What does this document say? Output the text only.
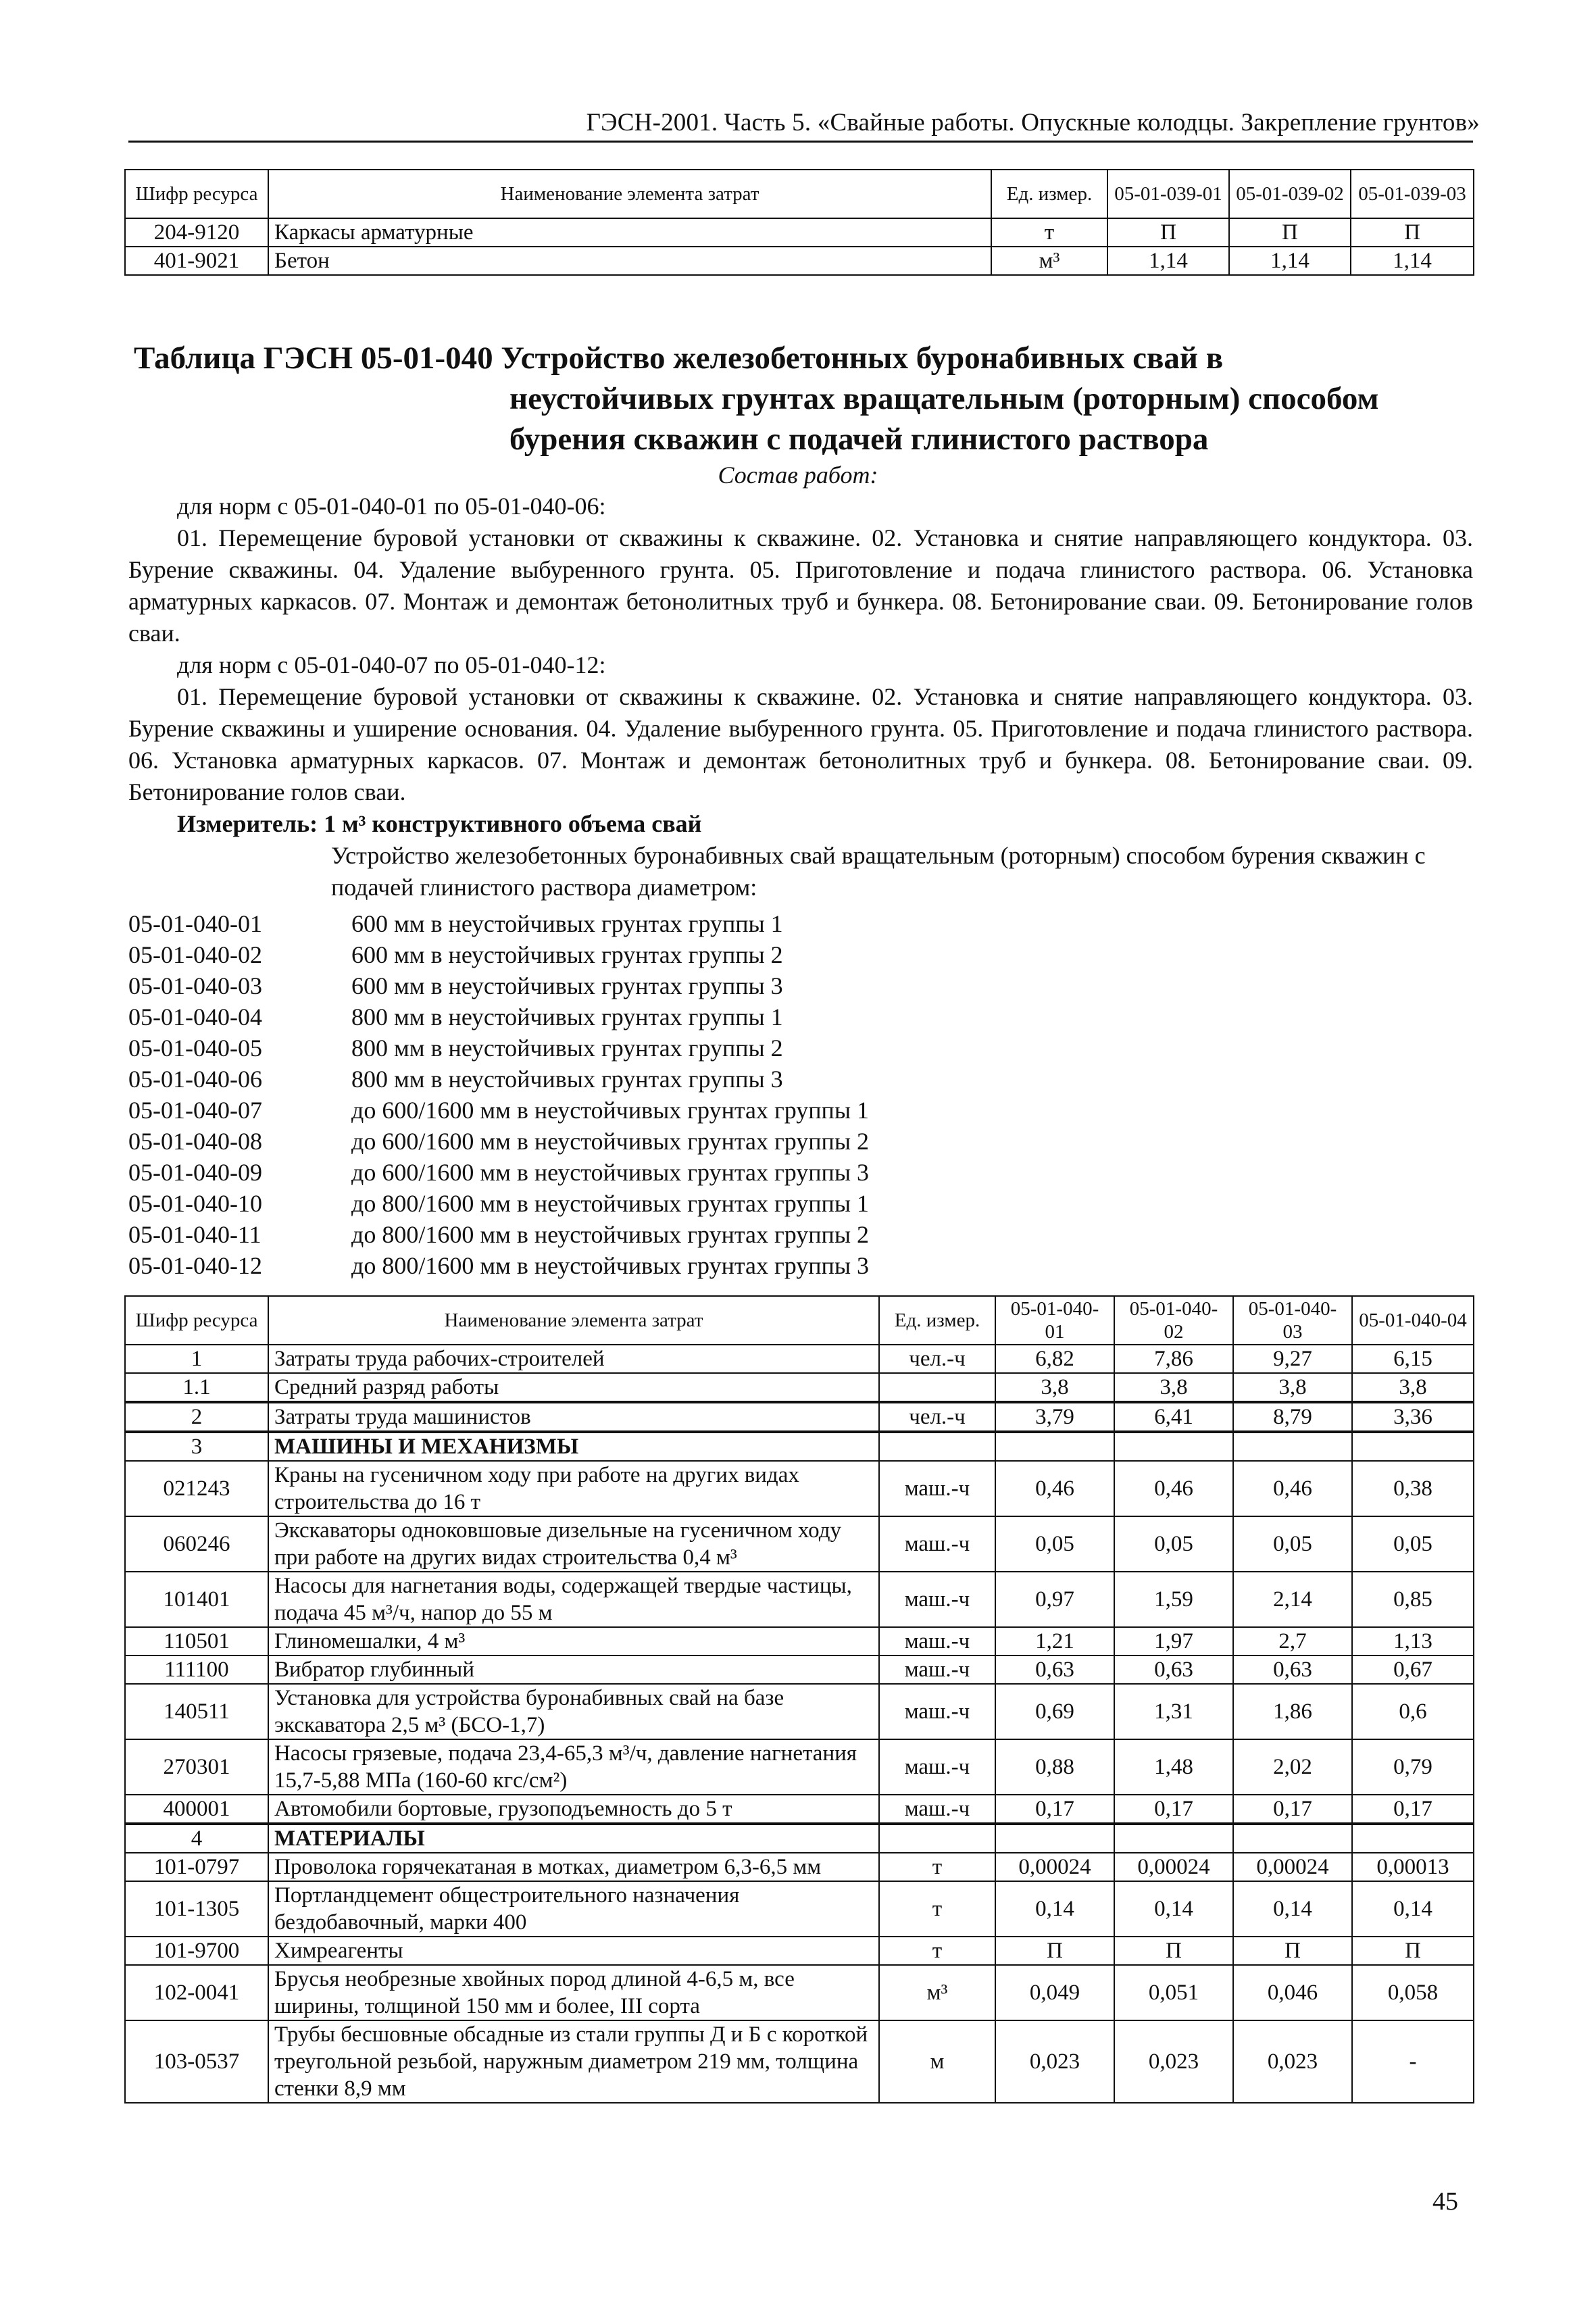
ГЭСН-2001. Часть 5. «Свайные работы. Опускные колодцы. Закрепление грунтов»
Шифр ресурса	Наименование элемента затрат	Ед. измер.	05-01-039-01	05-01-039-02	05-01-039-03
204-9120	Каркасы арматурные	т	П	П	П
401-9021	Бетон	м³	1,14	1,14	1,14
Таблица ГЭСН 05-01-040 Устройство железобетонных буронабивных свай в
неустойчивых грунтах вращательным (роторным) способом
бурения скважин с подачей глинистого раствора
Состав работ:
для норм с 05-01-040-01 по 05-01-040-06:

01. Перемещение буровой установки от скважины к скважине. 02. Установка и снятие направляющего кондуктора. 03. Бурение скважины. 04. Удаление выбуренного грунта. 05. Приготовление и подача глинистого раствора. 06. Установка арматурных каркасов. 07. Монтаж и демонтаж бетонолитных труб и бункера. 08. Бетонирование сваи. 09. Бетонирование голов сваи.

для норм с 05-01-040-07 по 05-01-040-12:

01. Перемещение буровой установки от скважины к скважине. 02. Установка и снятие направляющего кондуктора. 03. Бурение скважины и уширение основания. 04. Удаление выбуренного грунта. 05. Приготовление и подача глинистого раствора. 06. Установка арматурных каркасов. 07. Монтаж и демонтаж бетонолитных труб и бункера. 08. Бетонирование сваи. 09. Бетонирование голов сваи.

Измеритель: 1 м³ конструктивного объема свай
Устройство железобетонных буронабивных свай вращательным (роторным) способом бурения скважин с подачей глинистого раствора диаметром:
05-01-040-01	600 мм в неустойчивых грунтах группы 1
05-01-040-02	600 мм в неустойчивых грунтах группы 2
05-01-040-03	600 мм в неустойчивых грунтах группы 3
05-01-040-04	800 мм в неустойчивых грунтах группы 1
05-01-040-05	800 мм в неустойчивых грунтах группы 2
05-01-040-06	800 мм в неустойчивых грунтах группы 3
05-01-040-07	до 600/1600 мм в неустойчивых грунтах группы 1
05-01-040-08	до 600/1600 мм в неустойчивых грунтах группы 2
05-01-040-09	до 600/1600 мм в неустойчивых грунтах группы 3
05-01-040-10	до 800/1600 мм в неустойчивых грунтах группы 1
05-01-040-11	до 800/1600 мм в неустойчивых грунтах группы 2
05-01-040-12	до 800/1600 мм в неустойчивых грунтах группы 3
Шифр ресурса	Наименование элемента затрат	Ед. измер.	05-01-040-01	05-01-040-02	05-01-040-03	05-01-040-04
1	Затраты труда рабочих-строителей	чел.-ч	6,82	7,86	9,27	6,15
1.1	Средний разряд работы		3,8	3,8	3,8	3,8
2	Затраты труда машинистов	чел.-ч	3,79	6,41	8,79	3,36
3	МАШИНЫ И МЕХАНИЗМЫ					
021243	Краны на гусеничном ходу при работе на других видах строительства до 16 т	маш.-ч	0,46	0,46	0,46	0,38
060246	Экскаваторы одноковшовые дизельные на гусеничном ходу при работе на других видах строительства 0,4 м³	маш.-ч	0,05	0,05	0,05	0,05
101401	Насосы для нагнетания воды, содержащей твердые частицы, подача 45 м³/ч, напор до 55 м	маш.-ч	0,97	1,59	2,14	0,85
110501	Глиномешалки, 4 м³	маш.-ч	1,21	1,97	2,7	1,13
111100	Вибратор глубинный	маш.-ч	0,63	0,63	0,63	0,67
140511	Установка для устройства буронабивных свай на базе экскаватора 2,5 м³ (БСО-1,7)	маш.-ч	0,69	1,31	1,86	0,6
270301	Насосы грязевые, подача 23,4-65,3 м³/ч, давление нагнетания 15,7-5,88 МПа (160-60 кгс/см²)	маш.-ч	0,88	1,48	2,02	0,79
400001	Автомобили бортовые, грузоподъемность до 5 т	маш.-ч	0,17	0,17	0,17	0,17
4	МАТЕРИАЛЫ					
101-0797	Проволока горячекатаная в мотках, диаметром 6,3-6,5 мм	т	0,00024	0,00024	0,00024	0,00013
101-1305	Портландцемент общестроительного назначения бездобавочный, марки 400	т	0,14	0,14	0,14	0,14
101-9700	Химреагенты	т	П	П	П	П
102-0041	Брусья необрезные хвойных пород длиной 4-6,5 м, все ширины, толщиной 150 мм и более, III сорта	м³	0,049	0,051	0,046	0,058
103-0537	Трубы бесшовные обсадные из стали группы Д и Б с короткой треугольной резьбой, наружным диаметром 219 мм, толщина стенки 8,9 мм	м	0,023	0,023	0,023	-
45
